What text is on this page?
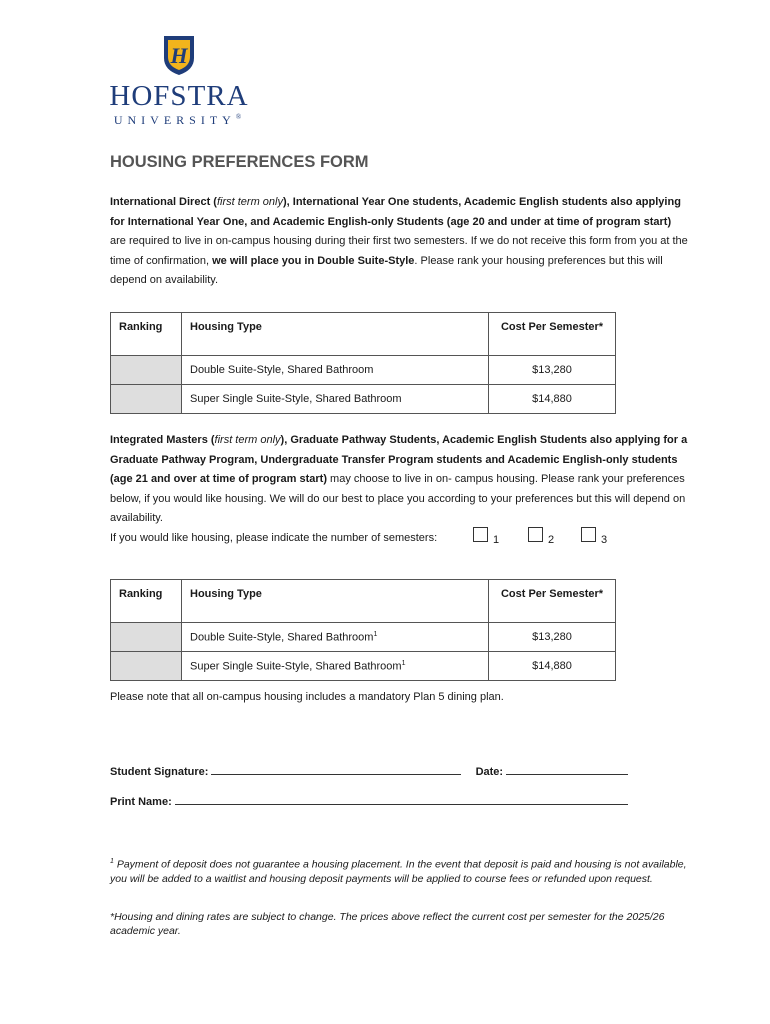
H
HOFSTRA
UNIVERSITY®
HOUSING PREFERENCES FORM
International Direct (first term only), International Year One students, Academic English students also applying for International Year One, and Academic English-only Students (age 20 and under at time of program start) are required to live in on-campus housing during their first two semesters. If we do not receive this form from you at the time of confirmation, we will place you in Double Suite-Style. Please rank your housing preferences but this will depend on availability.
Ranking	Housing Type	Cost Per Semester*
	Double Suite-Style, Shared Bathroom	$13,280
	Super Single Suite-Style, Shared Bathroom	$14,880
Integrated Masters (first term only), Graduate Pathway Students, Academic English Students also applying for a Graduate Pathway Program, Undergraduate Transfer Program students and Academic English-only students (age 21 and over at time of program start) may choose to live in on- campus housing. Please rank your preferences below, if you would like housing. We will do our best to place you according to your preferences but this will depend on availability.
If you would like housing, please indicate the number of semesters:	1	2	3
Ranking	Housing Type	Cost Per Semester*
	Double Suite-Style, Shared Bathroom$^1$	$13,280
	Super Single Suite-Style, Shared Bathroom$^1$	$14,880
Please note that all on-campus housing includes a mandatory Plan 5 dining plan.
Student Signature:	Date:
Print Name:
$^1$ Payment of deposit does not guarantee a housing placement. In the event that deposit is paid and housing is not available, you will be added to a waitlist and housing deposit payments will be applied to course fees or refunded upon request.
*Housing and dining rates are subject to change. The prices above reflect the current cost per semester for the 2025/26 academic year.
